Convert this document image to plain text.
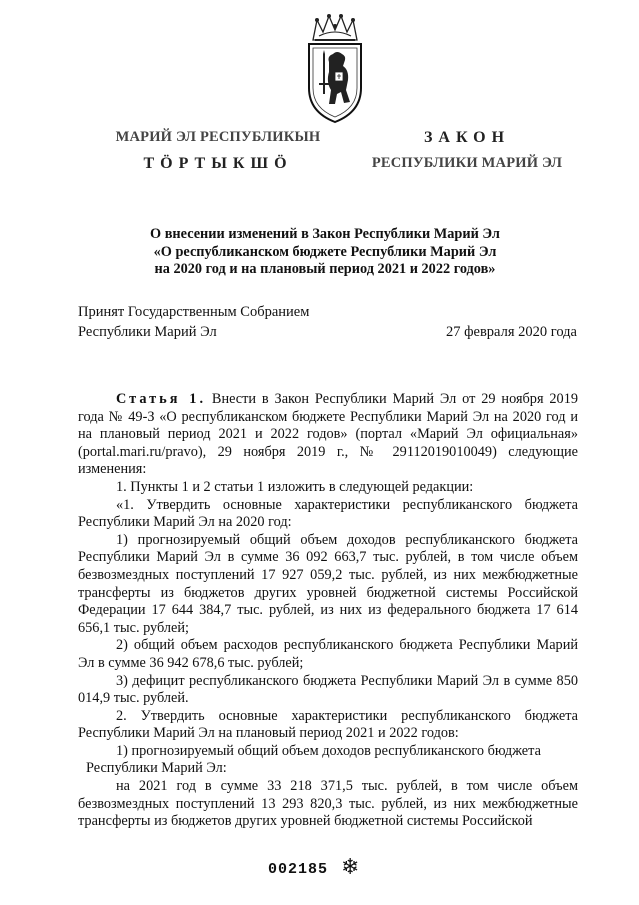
МАРИЙ ЭЛ РЕСПУБЛИКЫН
ТӦРТЫКШӦ
ЗАКОН
РЕСПУБЛИКИ МАРИЙ ЭЛ
О внесении изменений в Закон Республики Марий Эл
«О республиканском бюджете Республики Марий Эл
на 2020 год и на плановый период 2021 и 2022 годов»
Принят Государственным Собранием
Республики Марий Эл	27 февраля 2020 года
Статья 1. Внести в Закон Республики Марий Эл от 29 ноября 2019 года № 49-З «О республиканском бюджете Республики Марий Эл на 2020 год и на плановый период 2021 и 2022 годов» (портал «Марий Эл официальная» (portal.mari.ru/pravo), 29 ноября 2019 г., № 29112019010049) следующие изменения:
1. Пункты 1 и 2 статьи 1 изложить в следующей редакции:
«1. Утвердить основные характеристики республиканского бюджета Республики Марий Эл на 2020 год:
1) прогнозируемый общий объем доходов республиканского бюджета Республики Марий Эл в сумме 36 092 663,7 тыс. рублей, в том числе объем безвозмездных поступлений 17 927 059,2 тыс. рублей, из них межбюджетные трансферты из бюджетов других уровней бюджетной системы Российской Федерации 17 644 384,7 тыс. рублей, из них из федерального бюджета 17 614 656,1 тыс. рублей;
2) общий объем расходов республиканского бюджета Республики Марий Эл в сумме 36 942 678,6 тыс. рублей;
3) дефицит республиканского бюджета Республики Марий Эл в сумме 850 014,9 тыс. рублей.
2. Утвердить основные характеристики республиканского бюджета Республики Марий Эл на плановый период 2021 и 2022 годов:
1) прогнозируемый общий объем доходов республиканского бюджета
Республики Марий Эл:
на 2021 год в сумме 33 218 371,5 тыс. рублей, в том числе объем безвозмездных поступлений 13 293 820,3 тыс. рублей, из них межбюджетные трансферты из бюджетов других уровней бюджетной системы Российской
002185 ❄
